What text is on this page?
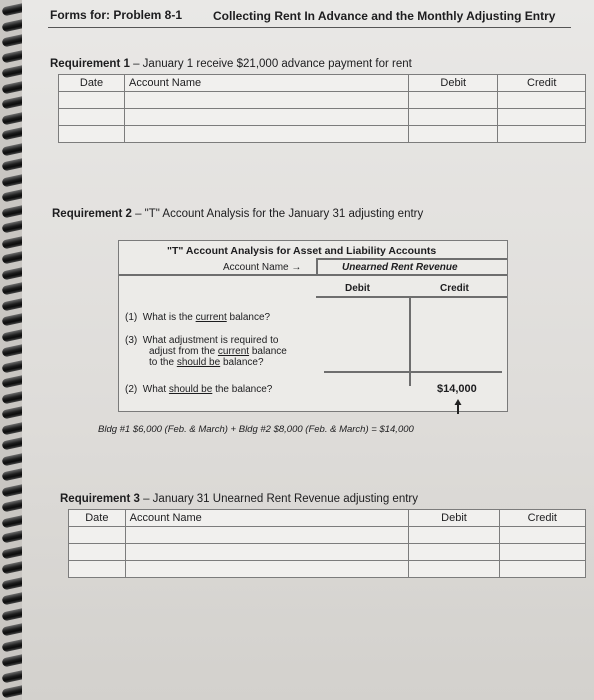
Forms for: Problem 8-1	Collecting Rent In Advance and the Monthly Adjusting Entry
Requirement 1 – January 1 receive $21,000 advance payment for rent
Date	Account Name	Debit	Credit

Requirement 2 – "T" Account Analysis for the January 31 adjusting entry
"T" Account Analysis for Asset and Liability Accounts
Account Name →	Unearned Rent Revenue
Debit	Credit
(1) What is the current balance?
(3) What adjustment is required to
adjust from the current balance
to the should be balance?
(2) What should be the balance?	$14,000
Bldg #1 $6,000 (Feb. & March) + Bldg #2 $8,000 (Feb. & March) = $14,000
Requirement 3 – January 31 Unearned Rent Revenue adjusting entry
Date	Account Name	Debit	Credit
